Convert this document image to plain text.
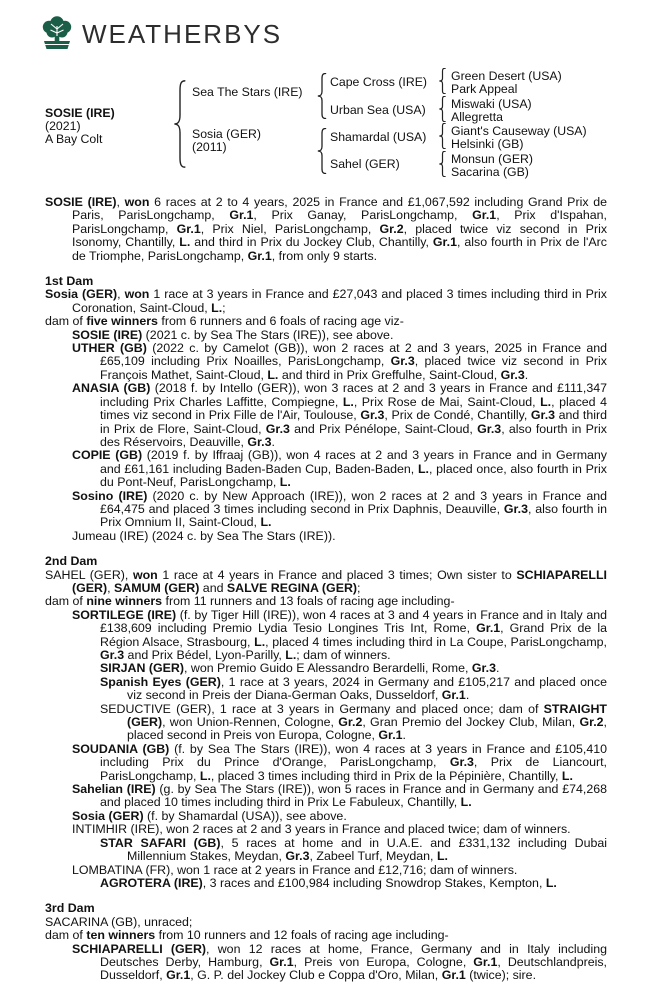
WEATHERBYS
SOSIE (IRE)
(2021)
A Bay Colt
Sea The Stars (IRE)
Sosia (GER)
(2011)
Cape Cross (IRE)
Urban Sea (USA)
Shamardal (USA)
Sahel (GER)
Green Desert (USA)
Park Appeal
Miswaki (USA)
Allegretta
Giant's Causeway (USA)
Helsinki (GB)
Monsun (GER)
Sacarina (GB)
SOSIE (IRE), won 6 races at 2 to 4 years, 2025 in France and £1,067,592 including Grand Prix de Paris, ParisLongchamp, Gr.1, Prix Ganay, ParisLongchamp, Gr.1, Prix d'Ispahan, ParisLongchamp, Gr.1, Prix Niel, ParisLongchamp, Gr.2, placed twice viz second in Prix Isonomy, Chantilly, L. and third in Prix du Jockey Club, Chantilly, Gr.1, also fourth in Prix de l'Arc de Triomphe, ParisLongchamp, Gr.1, from only 9 starts.
1st Dam
Sosia (GER), won 1 race at 3 years in France and £27,043 and placed 3 times including third in Prix Coronation, Saint-Cloud, L.;
dam of five winners from 6 runners and 6 foals of racing age viz-
SOSIE (IRE) (2021 c. by Sea The Stars (IRE)), see above.
UTHER (GB) (2022 c. by Camelot (GB)), won 2 races at 2 and 3 years, 2025 in France and £65,109 including Prix Noailles, ParisLongchamp, Gr.3, placed twice viz second in Prix François Mathet, Saint-Cloud, L. and third in Prix Greffulhe, Saint-Cloud, Gr.3.
ANASIA (GB) (2018 f. by Intello (GER)), won 3 races at 2 and 3 years in France and £111,347 including Prix Charles Laffitte, Compiegne, L., Prix Rose de Mai, Saint-Cloud, L., placed 4 times viz second in Prix Fille de l'Air, Toulouse, Gr.3, Prix de Condé, Chantilly, Gr.3 and third in Prix de Flore, Saint-Cloud, Gr.3 and Prix Pénélope, Saint-Cloud, Gr.3, also fourth in Prix des Réservoirs, Deauville, Gr.3.
COPIE (GB) (2019 f. by Iffraaj (GB)), won 4 races at 2 and 3 years in France and in Germany and £61,161 including Baden-Baden Cup, Baden-Baden, L., placed once, also fourth in Prix du Pont-Neuf, ParisLongchamp, L.
Sosino (IRE) (2020 c. by New Approach (IRE)), won 2 races at 2 and 3 years in France and £64,475 and placed 3 times including second in Prix Daphnis, Deauville, Gr.3, also fourth in Prix Omnium II, Saint-Cloud, L.
Jumeau (IRE) (2024 c. by Sea The Stars (IRE)).
2nd Dam
SAHEL (GER), won 1 race at 4 years in France and placed 3 times; Own sister to SCHIAPARELLI (GER), SAMUM (GER) and SALVE REGINA (GER);
dam of nine winners from 11 runners and 13 foals of racing age including-
SORTILEGE (IRE) (f. by Tiger Hill (IRE)), won 4 races at 3 and 4 years in France and in Italy and £138,609 including Premio Lydia Tesio Longines Tris Int, Rome, Gr.1, Grand Prix de la Région Alsace, Strasbourg, L., placed 4 times including third in La Coupe, ParisLongchamp, Gr.3 and Prix Bédel, Lyon-Parilly, L.; dam of winners.
SIRJAN (GER), won Premio Guido E Alessandro Berardelli, Rome, Gr.3.
Spanish Eyes (GER), 1 race at 3 years, 2024 in Germany and £105,217 and placed once viz second in Preis der Diana-German Oaks, Dusseldorf, Gr.1.
SEDUCTIVE (GER), 1 race at 3 years in Germany and placed once; dam of STRAIGHT (GER), won Union-Rennen, Cologne, Gr.2, Gran Premio del Jockey Club, Milan, Gr.2, placed second in Preis von Europa, Cologne, Gr.1.
SOUDANIA (GB) (f. by Sea The Stars (IRE)), won 4 races at 3 years in France and £105,410 including Prix du Prince d'Orange, ParisLongchamp, Gr.3, Prix de Liancourt, ParisLongchamp, L., placed 3 times including third in Prix de la Pépinière, Chantilly, L.
Sahelian (IRE) (g. by Sea The Stars (IRE)), won 5 races in France and in Germany and £74,268 and placed 10 times including third in Prix Le Fabuleux, Chantilly, L.
Sosia (GER) (f. by Shamardal (USA)), see above.
INTIMHIR (IRE), won 2 races at 2 and 3 years in France and placed twice; dam of winners.
STAR SAFARI (GB), 5 races at home and in U.A.E. and £331,132 including Dubai Millennium Stakes, Meydan, Gr.3, Zabeel Turf, Meydan, L.
LOMBATINA (FR), won 1 race at 2 years in France and £12,716; dam of winners.
AGROTERA (IRE), 3 races and £100,984 including Snowdrop Stakes, Kempton, L.
3rd Dam
SACARINA (GB), unraced;
dam of ten winners from 10 runners and 12 foals of racing age including-
SCHIAPARELLI (GER), won 12 races at home, France, Germany and in Italy including Deutsches Derby, Hamburg, Gr.1, Preis von Europa, Cologne, Gr.1, Deutschlandpreis, Dusseldorf, Gr.1, G. P. del Jockey Club e Coppa d'Oro, Milan, Gr.1 (twice); sire.
